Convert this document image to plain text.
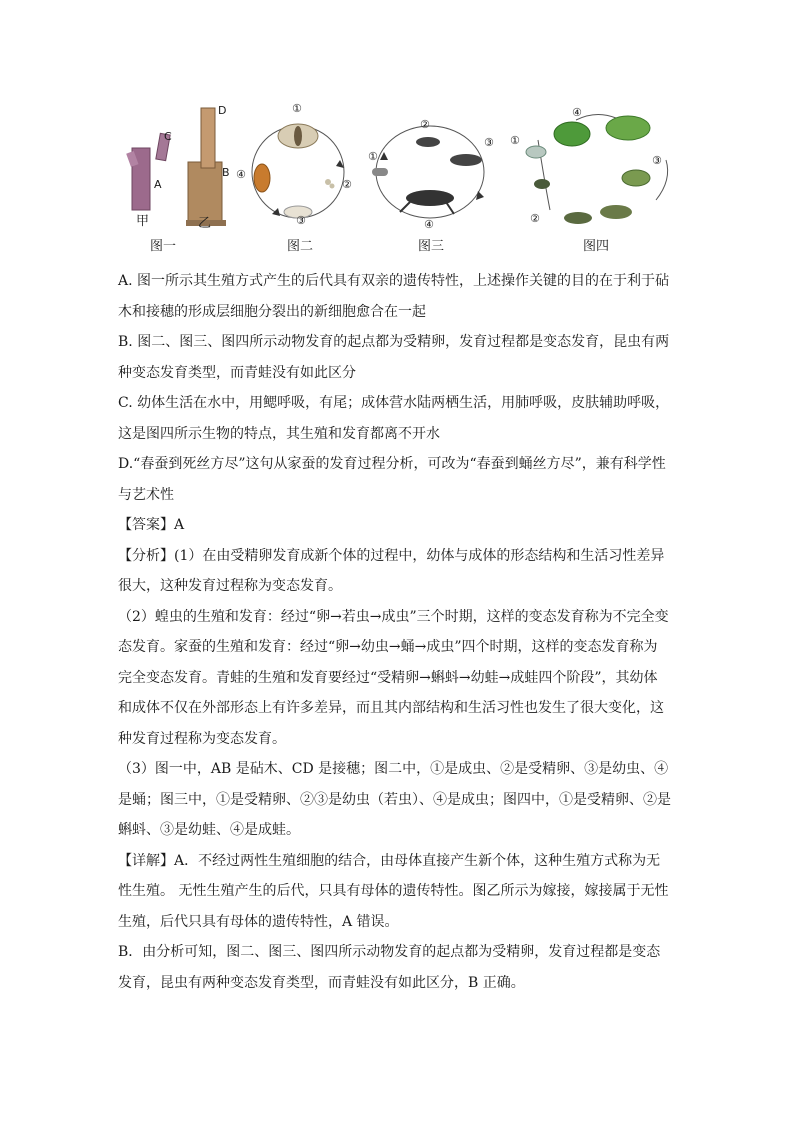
D
C
A
B
甲	乙
图一
①
②
③
④
图二
①
②
③
④
图三
①
②
③
④
图四

A. 图一所示其生殖方式产生的后代具有双亲的遗传特性，上述操作关键的目的在于利于砧

木和接穗的形成层细胞分裂出的新细胞愈合在一起

B. 图二、图三、图四所示动物发育的起点都为受精卵，发育过程都是变态发育，昆虫有两

种变态发育类型，而青蛙没有如此区分

C. 幼体生活在水中，用鳃呼吸，有尾；成体营水陆两栖生活，用肺呼吸，皮肤辅助呼吸，

这是图四所示生物的特点，其生殖和发育都离不开水

D.“春蚕到死丝方尽”这句从家蚕的发育过程分析，可改为“春蚕到蛹丝方尽”，兼有科学性

与艺术性

【答案】A

【分析】(1）在由受精卵发育成新个体的过程中，幼体与成体的形态结构和生活习性差异

很大，这种发育过程称为变态发育。

（2）蝗虫的生殖和发育：经过“卵→若虫→成虫”三个时期，这样的变态发育称为不完全变

态发育。家蚕的生殖和发育：经过“卵→幼虫→蛹→成虫”四个时期，这样的变态发育称为

完全变态发育。青蛙的生殖和发育要经过“受精卵→蝌蚪→幼蛙→成蛙四个阶段”，其幼体

和成体不仅在外部形态上有许多差异，而且其内部结构和生活习性也发生了很大变化，这

种发育过程称为变态发育。

（3）图一中，AB 是砧木、CD 是接穗；图二中，①是成虫、②是受精卵、③是幼虫、④

是蛹；图三中，①是受精卵、②③是幼虫（若虫）、④是成虫；图四中，①是受精卵、②是

蝌蚪、③是幼蛙、④是成蛙。

【详解】A．不经过两性生殖细胞的结合，由母体直接产生新个体，这种生殖方式称为无

性生殖。 无性生殖产生的后代，只具有母体的遗传特性。图乙所示为嫁接，嫁接属于无性

生殖，后代只具有母体的遗传特性，A 错误。

B．由分析可知，图二、图三、图四所示动物发育的起点都为受精卵，发育过程都是变态

发育，昆虫有两种变态发育类型，而青蛙没有如此区分，B 正确。
